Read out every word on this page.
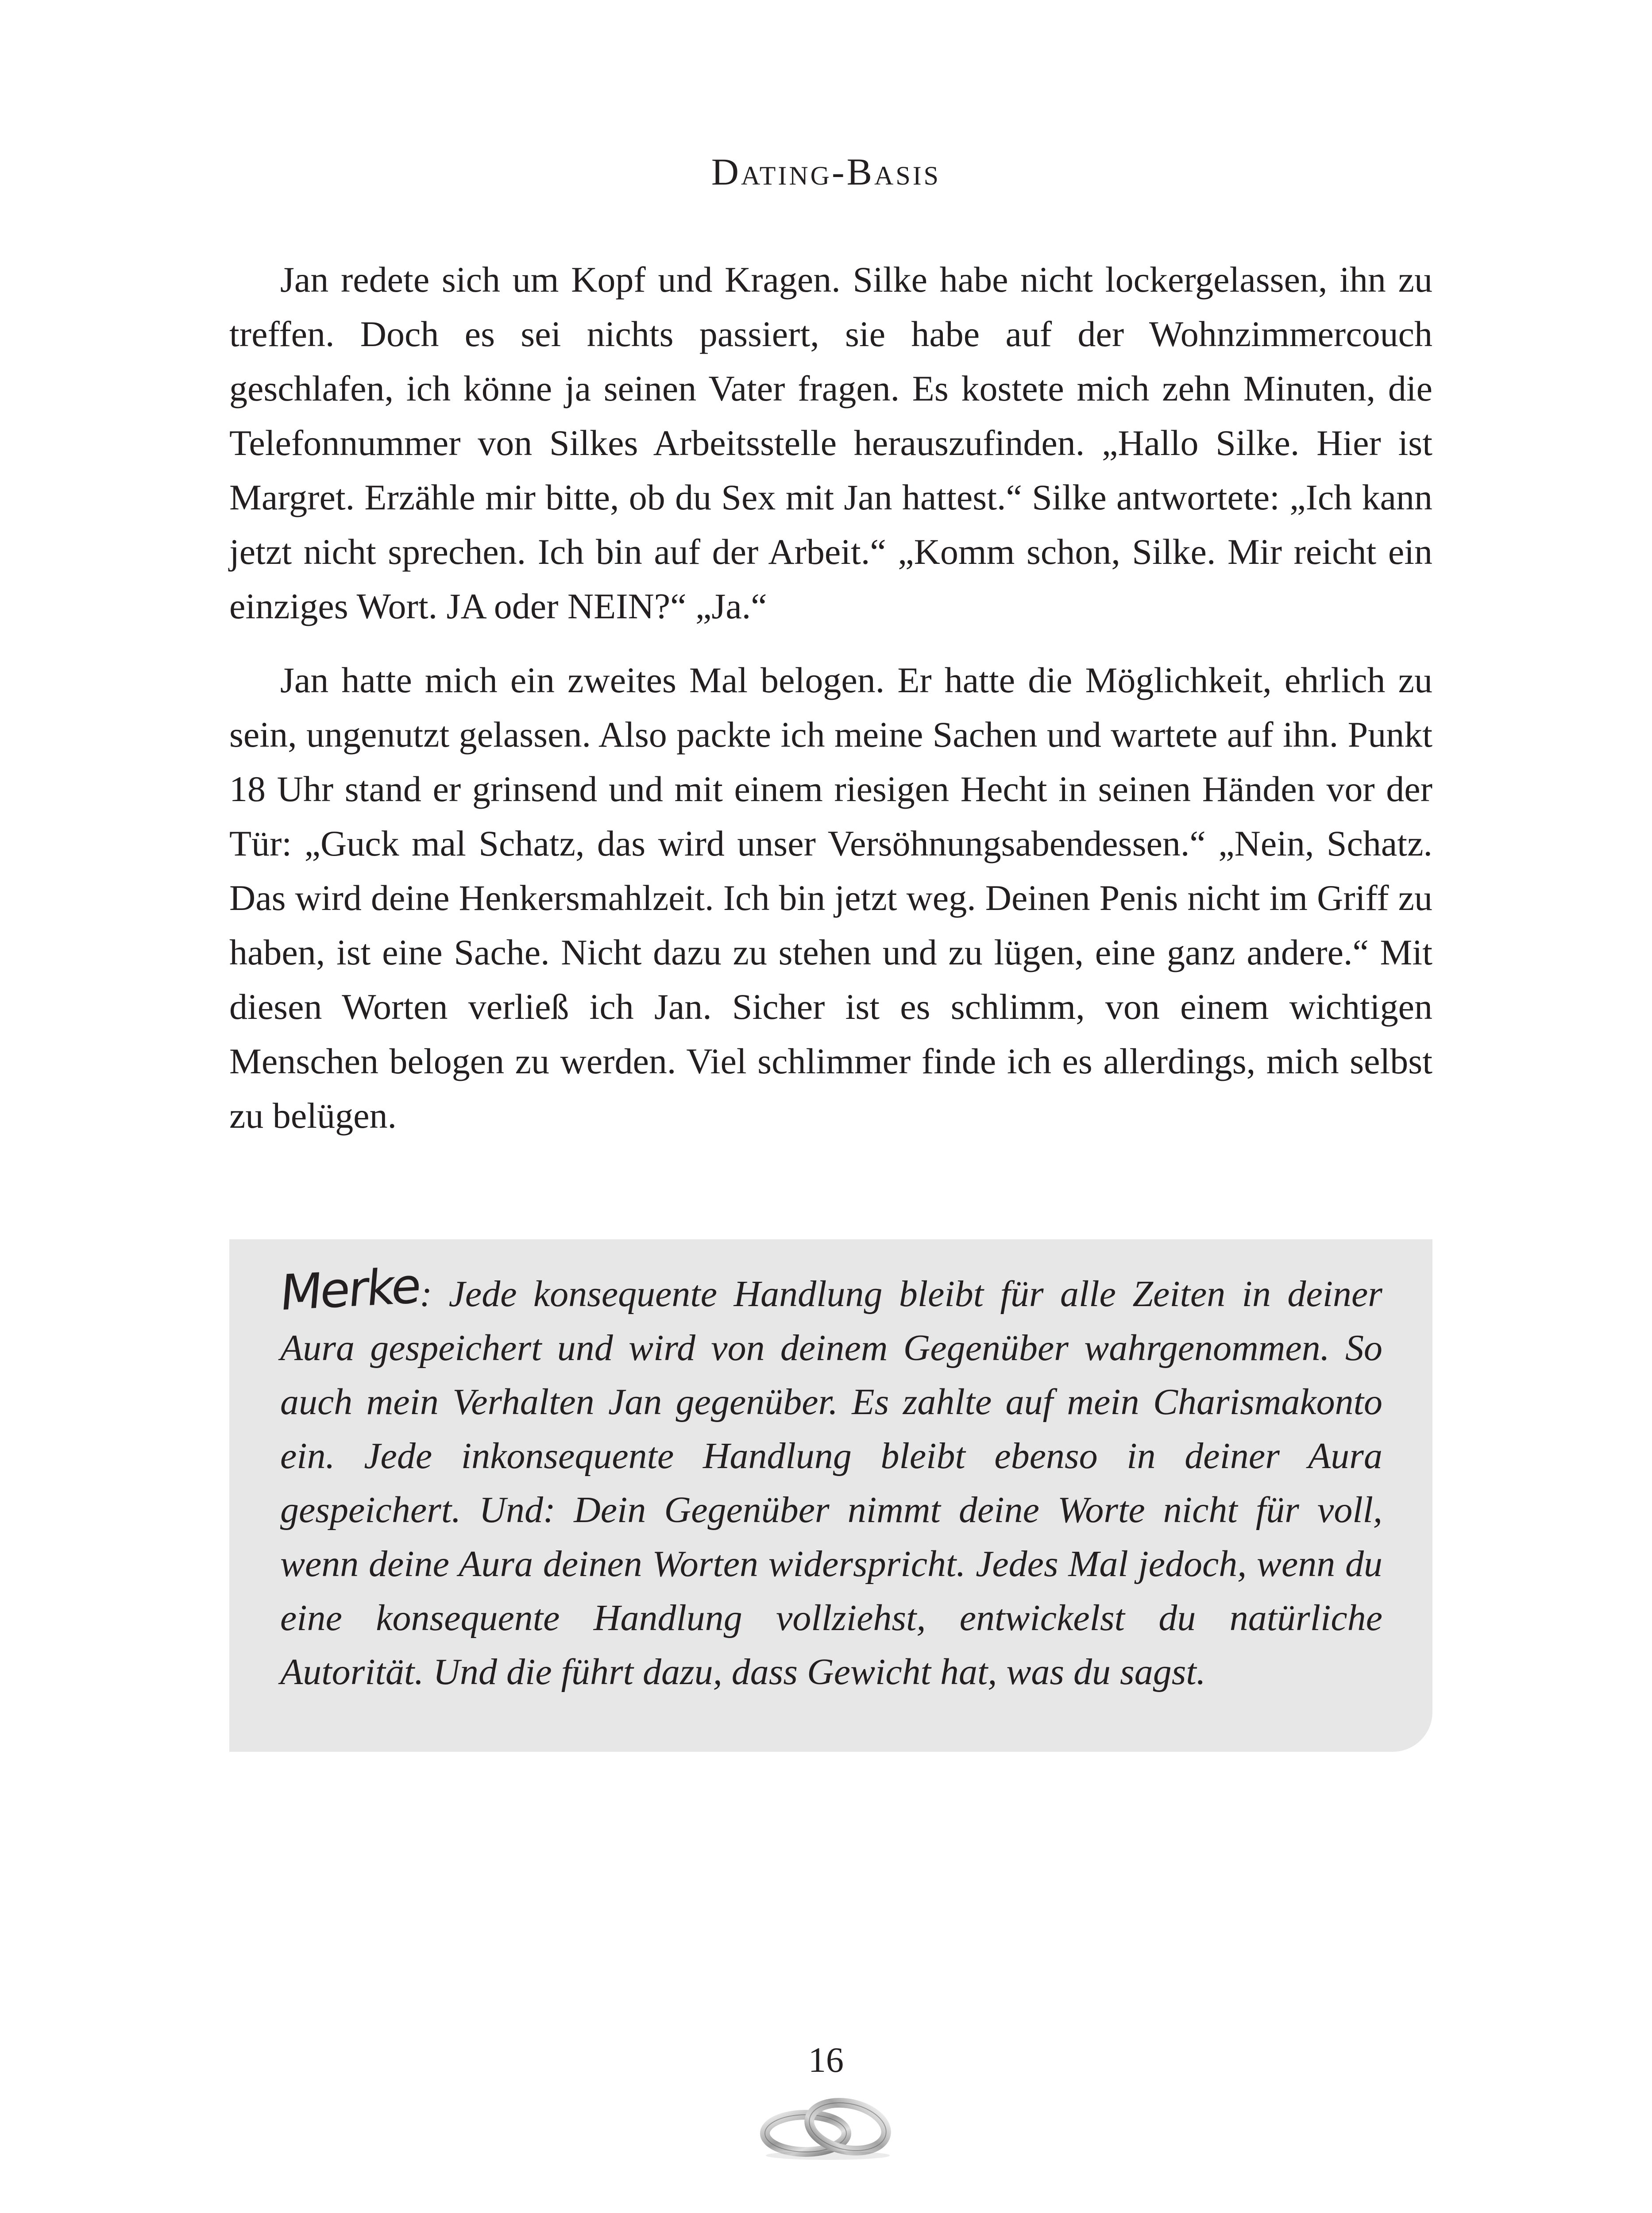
Dating-Basis

Jan redete sich um Kopf und Kragen. Silke habe nicht lockergelassen, ihn zu treffen. Doch es sei nichts passiert, sie habe auf der Wohnzimmercouch geschlafen, ich könne ja seinen Vater fragen. Es kostete mich zehn Minuten, die Telefonnummer von Silkes Arbeitsstelle herauszufinden. „Hallo Silke. Hier ist Margret. Erzähle mir bitte, ob du Sex mit Jan hattest.“ Silke antwortete: „Ich kann jetzt nicht sprechen. Ich bin auf der Arbeit.“ „Komm schon, Silke. Mir reicht ein einziges Wort. JA oder NEIN?“ „Ja.“

Jan hatte mich ein zweites Mal belogen. Er hatte die Möglichkeit, ehrlich zu sein, ungenutzt gelassen. Also packte ich meine Sachen und wartete auf ihn. Punkt 18 Uhr stand er grinsend und mit einem riesigen Hecht in seinen Händen vor der Tür: „Guck mal Schatz, das wird unser Versöhnungsabendessen.“ „Nein, Schatz. Das wird deine Henkersmahlzeit. Ich bin jetzt weg. Deinen Penis nicht im Griff zu haben, ist eine Sache. Nicht dazu zu stehen und zu lügen, eine ganz andere.“ Mit diesen Worten verließ ich Jan. Sicher ist es schlimm, von einem wichtigen Menschen belogen zu werden. Viel schlimmer finde ich es allerdings, mich selbst zu belügen.

Merke: Jede konsequente Handlung bleibt für alle Zeiten in deiner Aura gespeichert und wird von deinem Gegenüber wahrgenommen. So auch mein Verhalten Jan gegenüber. Es zahlte auf mein Charismakonto ein. Jede inkonsequente Handlung bleibt ebenso in deiner Aura gespeichert. Und: Dein Gegenüber nimmt deine Worte nicht für voll, wenn deine Aura deinen Worten widerspricht. Jedes Mal jedoch, wenn du eine konsequente Handlung vollziehst, entwickelst du natürliche Autorität. Und die führt dazu, dass Gewicht hat, was du sagst.
16
